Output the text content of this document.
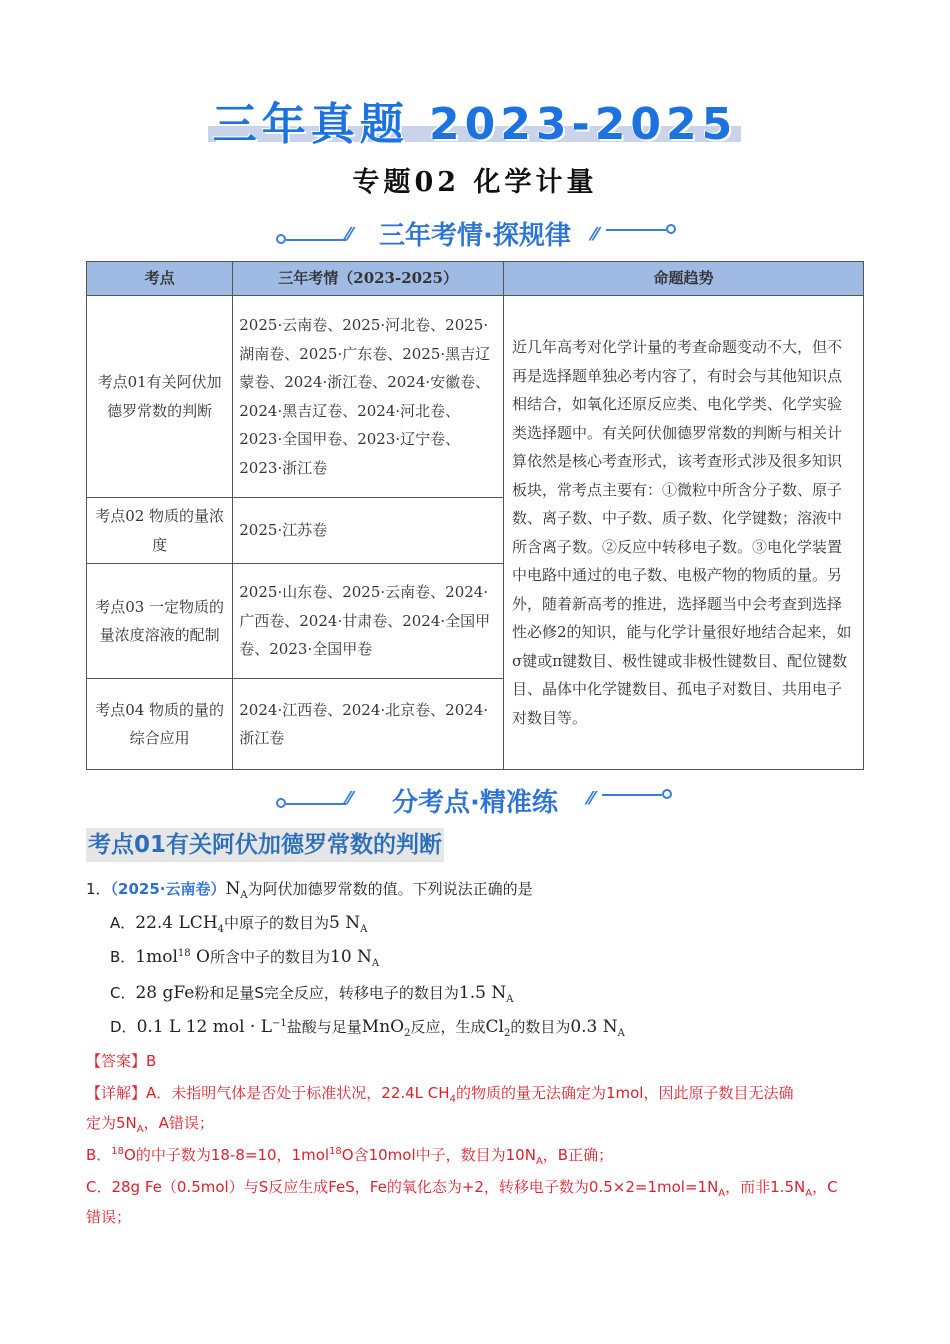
三年真题 2023-2025
专题02 化学计量
⁄⁄	三年考情·探规律	⁄⁄
考点	三年考情（2023-2025）	命题趋势
考点01有关阿伏加德罗常数的判断	2025·云南卷、2025·河北卷、2025·湖南卷、2025·广东卷、2025·黑吉辽蒙卷、2024·浙江卷、2024·安徽卷、2024·黑吉辽卷、2024·河北卷、2023·全国甲卷、2023·辽宁卷、2023·浙江卷	近几年高考对化学计量的考查命题变动不大，但不再是选择题单独必考内容了，有时会与其他知识点相结合，如氧化还原反应类、电化学类、化学实验类选择题中。有关阿伏伽德罗常数的判断与相关计算依然是核心考查形式，该考查形式涉及很多知识板块，常考点主要有：①微粒中所含分子数、原子数、离子数、中子数、质子数、化学键数；溶液中所含离子数。②反应中转移电子数。③电化学装置中电路中通过的电子数、电极产物的物质的量。另外，随着新高考的推进，选择题当中会考查到选择性必修2的知识，能与化学计量很好地结合起来，如σ键或π键数目、极性键或非极性键数目、配位键数目、晶体中化学键数目、孤电子对数目、共用电子对数目等。
考点02 物质的量浓度	2025·江苏卷	
考点03 一定物质的量浓度溶液的配制	2025·山东卷、2025·云南卷、2024·广西卷、2024·甘肃卷、2024·全国甲卷、2023·全国甲卷	
考点04 物质的量的综合应用	2024·江西卷、2024·北京卷、2024·浙江卷	
⁄⁄	分考点·精准练	⁄⁄
考点01有关阿伏加德罗常数的判断
1．（2025·云南卷）$N_A$为阿伏加德罗常数的值。下列说法正确的是
A．22.4 $LCH_4$中原子的数目为5 $N_A$
B．1mol$^{18}$ O所含中子的数目为10 $N_A$
C．28 gFe粉和足量S完全反应，转移电子的数目为1.5 $N_A$
D．0.1 L 12 mol · $L^{-1}$盐酸与足量MnO$_2$反应，生成$Cl_2$的数目为0.3 $N_A$
【答案】B
【详解】A．未指明气体是否处于标准状况，22.4L $CH_4$的物质的量无法确定为1mol，因此原子数目无法确
定为$5N_A$，A错误；
B．$^{18}$O的中子数为18-8=10，1mol$^{18}$O含10mol中子，数目为$10N_A$，B正确；
C．28g Fe（0.5mol）与S反应生成FeS，Fe的氧化态为+2，转移电子数为$0.5\times 2=1mol=1N_A$，而非$1.5N_A$，C
错误；
